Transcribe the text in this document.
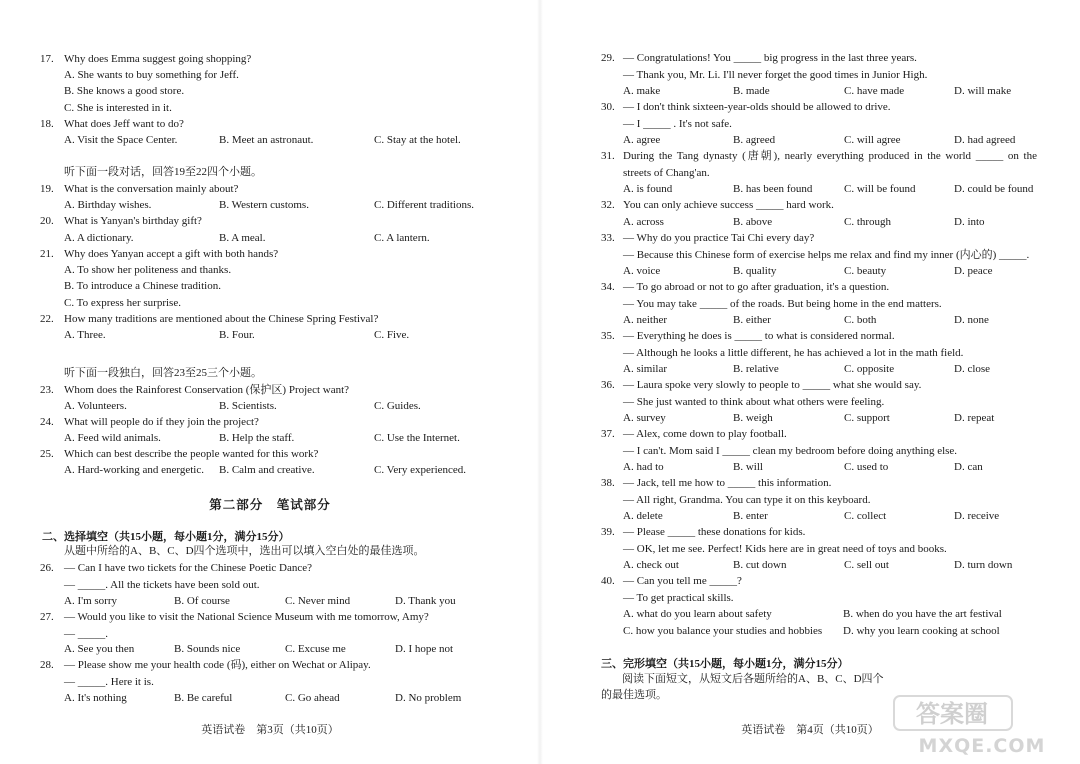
17. Why does Emma suggest going shopping?
A. She wants to buy something for Jeff.
B. She knows a good store.
C. She is interested in it.
18. What does Jeff want to do?
A. Visit the Space Center.	B. Meet an astronaut.	C. Stay at the hotel.
听下面一段对话，回答19至22四个小题。
19. What is the conversation mainly about?
A. Birthday wishes.	B. Western customs.	C. Different traditions.
20. What is Yanyan's birthday gift?
A. A dictionary.	B. A meal.	C. A lantern.
21. Why does Yanyan accept a gift with both hands?
A. To show her politeness and thanks.
B. To introduce a Chinese tradition.
C. To express her surprise.
22. How many traditions are mentioned about the Chinese Spring Festival?
A. Three.	B. Four.	C. Five.
听下面一段独白，回答23至25三个小题。
23. Whom does the Rainforest Conservation (保护区) Project want?
A. Volunteers.	B. Scientists.	C. Guides.
24. What will people do if they join the project?
A. Feed wild animals.	B. Help the staff.	C. Use the Internet.
25. Which can best describe the people wanted for this work?
A. Hard-working and energetic. B. Calm and creative.	C. Very experienced.
26. — Can I have two tickets for the Chinese Poetic Dance?
— _____. All the tickets have been sold out.
A. I'm sorry	B. Of course	C. Never mind	D. Thank you
27. — Would you like to visit the National Science Museum with me tomorrow, Amy?
— _____.
A. See you then	B. Sounds nice	C. Excuse me	D. I hope not
28. — Please show me your health code (码), either on Wechat or Alipay.
— _____. Here it is.
A. It's nothing	B. Be careful	C. Go ahead	D. No problem
29. — Congratulations! You _____ big progress in the last three years.
— Thank you, Mr. Li. I'll never forget the good times in Junior High.
A. make	B. made	C. have made	D. will make
30. — I don't think sixteen-year-olds should be allowed to drive.
— I _____ . It's not safe.
A. agree	B. agreed	C. will agree	D. had agreed
31. During the Tang dynasty (唐朝), nearly everything produced in the world _____ on the
streets of Chang'an.
A. is found	B. has been found	C. will be found	D. could be found
32. You can only achieve success _____ hard work.
A. across	B. above	C. through	D. into
33. — Why do you practice Tai Chi every day?
— Because this Chinese form of exercise helps me relax and find my inner (内心的) _____.
A. voice	B. quality	C. beauty	D. peace
34. — To go abroad or not to go after graduation, it's a question.
— You may take _____ of the roads. But being home in the end matters.
A. neither	B. either	C. both	D. none
35. — Everything he does is _____ to what is considered normal.
— Although he looks a little different, he has achieved a lot in the math field.
A. similar	B. relative	C. opposite	D. close
36. — Laura spoke very slowly to people to _____ what she would say.
— She just wanted to think about what others were feeling.
A. survey	B. weigh	C. support	D. repeat
37. — Alex, come down to play football.
— I can't. Mom said I _____ clean my bedroom before doing anything else.
A. had to	B. will	C. used to	D. can
38. — Jack, tell me how to _____ this information.
— All right, Grandma. You can type it on this keyboard.
A. delete	B. enter	C. collect	D. receive
39. — Please _____ these donations for kids.
— OK, let me see. Perfect! Kids here are in great need of toys and books.
A. check out	B. cut down	C. sell out	D. turn down
40. — Can you tell me _____?
— To get practical skills.
A. what do you learn about safety	B. when do you have the art festival
C. how you balance your studies and hobbies D. why you learn cooking at school
第二部分　笔试部分
二、选择填空（共15小题，每小题1分，满分15分）
从题中所给的A、B、C、D四个选项中，选出可以填入空白处的最佳选项。
英语试卷　第3页（共10页）
三、完形填空（共15小题，每小题1分，满分15分）
阅读下面短文，从短文后各题所给的A、B、C、D四个
的最佳选项。
英语试卷　第4页（共10页）
答案圈
MXQE.COM
